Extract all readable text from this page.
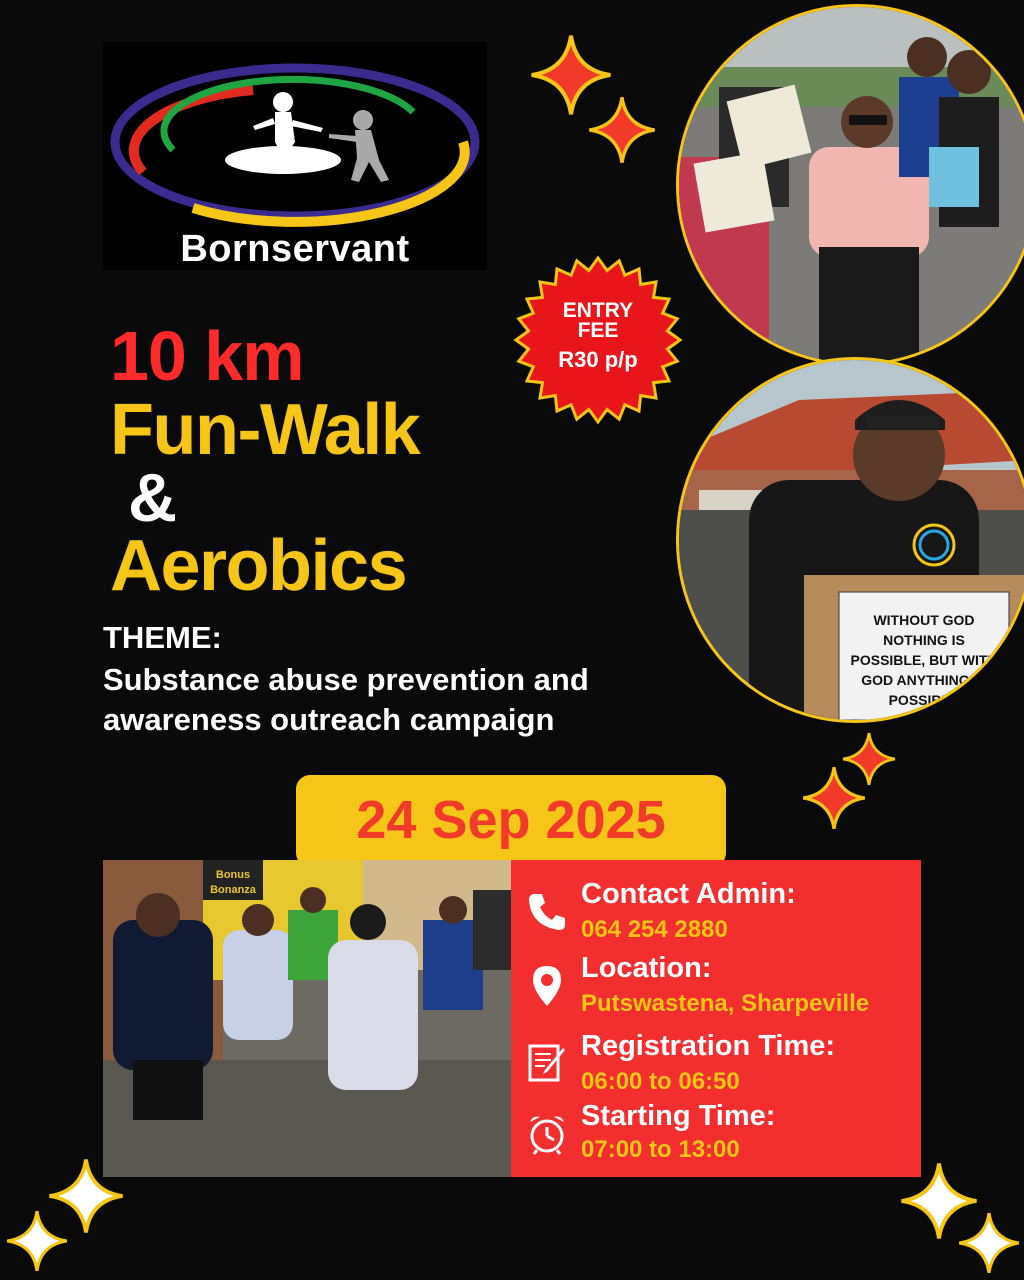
Bornservant
10 km
Fun-Walk
&
Aerobics
THEME:
Substance abuse prevention and awareness outreach campaign
ENTRY
FEE
R30 p/p
WITHOUT GOD
NOTHING IS
POSSIBLE, BUT WITH
GOD ANYTHING IS
POSSIBLE
24 Sep 2025
Bonus
Bonanza	Contact Admin:
064 254 2880
Location:
Putswastena, Sharpeville
Registration Time:
06:00 to 06:50
Starting Time:
07:00 to 13:00
